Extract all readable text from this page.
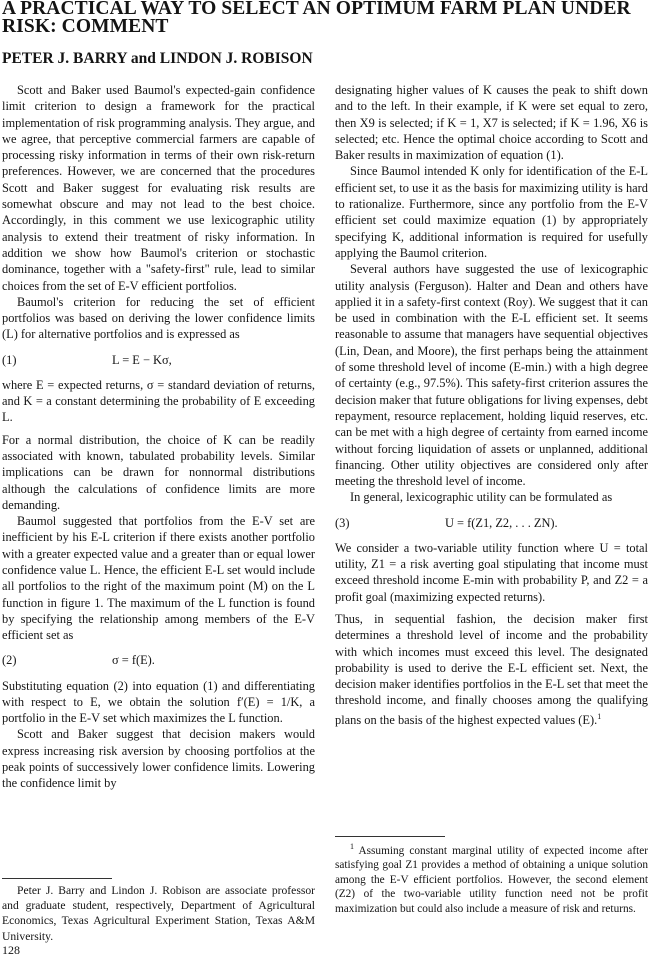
A PRACTICAL WAY TO SELECT AN OPTIMUM FARM PLAN UNDER RISK: COMMENT
PETER J. BARRY and LINDON J. ROBISON

Scott and Baker used Baumol's expected-gain confidence limit criterion to design a framework for the practical implementation of risk programming analysis. They argue, and we agree, that perceptive commercial farmers are capable of processing risky information in terms of their own risk-return preferences. However, we are concerned that the procedures Scott and Baker suggest for evaluating risk results are somewhat obscure and may not lead to the best choice. Accordingly, in this comment we use lexicographic utility analysis to extend their treatment of risky information. In addition we show how Baumol's criterion or stochastic dominance, together with a "safety-first" rule, lead to similar choices from the set of E-V efficient portfolios.

Baumol's criterion for reducing the set of efficient portfolios was based on deriving the lower confidence limits (L) for alternative portfolios and is expressed as

(1)	L = E − Kσ,

where E = expected returns, σ = standard deviation of returns, and K = a constant determining the probability of E exceeding L.

For a normal distribution, the choice of K can be readily associated with known, tabulated probability levels. Similar implications can be drawn for nonnormal distributions although the calculations of confidence limits are more demanding.

Baumol suggested that portfolios from the E-V set are inefficient by his E-L criterion if there exists another portfolio with a greater expected value and a greater than or equal lower confidence value L. Hence, the efficient E-L set would include all portfolios to the right of the maximum point (M) on the L function in figure 1. The maximum of the L function is found by specifying the relationship among members of the E-V efficient set as

(2)	σ = f(E).

Substituting equation (2) into equation (1) and differentiating with respect to E, we obtain the solution f′(E) = 1/K, a portfolio in the E-V set which maximizes the L function.

Scott and Baker suggest that decision makers would express increasing risk aversion by choosing portfolios at the peak points of successively lower confidence limits. Lowering the confidence limit by

Peter J. Barry and Lindon J. Robison are associate professor and graduate student, respectively, Department of Agricultural Economics, Texas Agricultural Experiment Station, Texas A&M University.
128

designating higher values of K causes the peak to shift down and to the left. In their example, if K were set equal to zero, then X9 is selected; if K = 1, X7 is selected; if K = 1.96, X6 is selected; etc. Hence the optimal choice according to Scott and Baker results in maximization of equation (1).

Since Baumol intended K only for identification of the E-L efficient set, to use it as the basis for maximizing utility is hard to rationalize. Furthermore, since any portfolio from the E-V efficient set could maximize equation (1) by appropriately specifying K, additional information is required for usefully applying the Baumol criterion.

Several authors have suggested the use of lexicographic utility analysis (Ferguson). Halter and Dean and others have applied it in a safety-first context (Roy). We suggest that it can be used in combination with the E-L efficient set. It seems reasonable to assume that managers have sequential objectives (Lin, Dean, and Moore), the first perhaps being the attainment of some threshold level of income (E-min.) with a high degree of certainty (e.g., 97.5%). This safety-first criterion assures the decision maker that future obligations for living expenses, debt repayment, resource replacement, holding liquid reserves, etc. can be met with a high degree of certainty from earned income without forcing liquidation of assets or unplanned, additional financing. Other utility objectives are considered only after meeting the threshold level of income.

In general, lexicographic utility can be formulated as

(3)	U = f(Z1, Z2, . . . ZN).

We consider a two-variable utility function where U = total utility, Z1 = a risk averting goal stipulating that income must exceed threshold income E-min with probability P, and Z2 = a profit goal (maximizing expected returns).

Thus, in sequential fashion, the decision maker first determines a threshold level of income and the probability with which incomes must exceed this level. The designated probability is used to derive the E-L efficient set. Next, the decision maker identifies portfolios in the E-L set that meet the threshold income, and finally chooses among the qualifying plans on the basis of the highest expected values (E).$^1$

$^1$ Assuming constant marginal utility of expected income after satisfying goal Z1 provides a method of obtaining a unique solution among the E-V efficient portfolios. However, the second element (Z2) of the two-variable utility function need not be profit maximization but could also include a measure of risk and returns.
